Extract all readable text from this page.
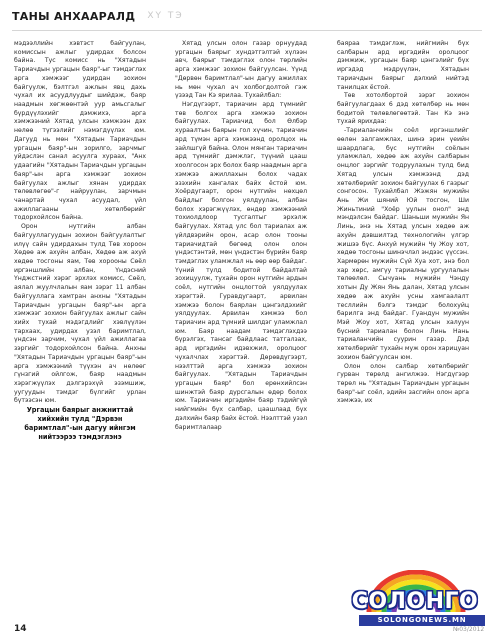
ТАНЫ АНХААРАЛД ХҮ ТЭ

мэдээллийн хэвтэст байгуулан, комиссын ажлыг удирдах болсон байна. Тус комисс нь "Хятадын Тариачдын ургацын баяр"-ыг тэмдэглэх арга хэмжээг удирдан зохион байгуулж, бэлтгэл ажлын явц дахь чухал их асуудлуудыг шийдэж, баяр наадмын хөгжөөнтэй уур амьсгалыг бүрдүүлэхийг дэмжихэ, арга хэмжээний Хятад улсын хэмжээн дэх нөлөө түгээлийг нэмэгдүүлэх юм. Дагууд нь мөн "Хятадын Тариачдын ургацын баяр"-ын зорилго, зарчмыг уйдэслэн санал асуулга хураах, "Анх удаагийн "Хятадын Тариачдын ургацын баяр"-ын арга хэмжээг зохион байгуулах ажлыг хянан удирдах төлөвлөгөө"-г найруулан, зарчмын чанартай чухал асуудал, үйл ажиллагааны хөтөлбөрийг тодорхойлсон байна.

Орон нутгийн албан байгууллагуудын зохион байгуулалтыг илүү сайн удирдахын тулд Төв хороон Хөдөө аж ахуйн албан, Хөдөө аж ахуй хөдөө тосгоны яам, Төв хорооны Сөёл иргэншлийн албан, Үндэсний Үнджстний хэрэг эрхлэх комисс, Сөёл, аялал жуулчлалын яам зэрэг 11 албан байгууллага хамтран анхны "Хятадын Тариачдын ургацын баяр"-ын арга хэмжээг зохион байгуулах ажлыг сайн хийх тухай мэдэгдлийг хэвлүүлэн тархаах, удирдах узэл баримтлал, үндсэн зарчим, чухал үйл ажиллагаа зэргийг тодорхойлсон байна. Анхны "Хятадын Тариачдын ургацын баяр"-ын арга хэмжээний түүхэн ач нөлөөг гүнзгий ойлгож, баяр наадмын хэрэгжүүлэх дэлгэрэхүй эзэмшиж, уугуудын тэмдэг бүлгийг урлан бүтээсэн юм.

Ургацын баярыг анжниттай хийхийн тулд "Дэрвэн баримтлал"-ын дагуу ийнгэм нийтээрээ тэмдэглэнэ

Хятад улсын олон газар орнуудад ургацын баярыг хундэтгэлтэй хүлээн авч, баярыг тэмдэглэх олон төрлийн арга хэмжээг зохион байгуулсан. Үүнд "Дөрвөн баримтлал"-ын дагуу ажиллах нь мөн чухал ач холбогдолтой гэж үзээд Тан Кэ ярилаа. Тухайлбал:

Нэгдүгээрт, тариачин ард түмнийг төв болгох арга хэмжээ зохион байгуулах. Тариачид бол Өлбэр хураалтын баярын гол хүчин, тариачин ард түмэн арга хэмжээнд оролцох нь зайлшгүй байна. Олон мянган тариачин ард түмнийг дэмжлэг, түүний цааш хоолгосон эрх болох баяр наадмын арга хэмжээ ажиллахын болох чадах эзэхийн хангалах байх ёстой юм. Хоёрдугаарт, орон нутгийн нөхцөл байдлыг болгон уялдуулан, албан болох хэрэгжүүлэх, өндөр хэмжээний тохиолдлоор тусгалтыг эрхэлж байгуулах. Хятад улс бол тариалах аж үйлдвэрийн орон, асар олон тооны тариачидтай бөгөөд олон олон үндэстэнтэй, мөн үндэстэн бүрийн баяр тэмдэглэх уламжлал нь өөр өөр байдаг. Үүний тулд бодитой байдалтай зохицуулж, тухайн орон нутгийн ардын соёл, нутгийн онцлогтой уялдуулах хэрэгтэй. Гуравдугаарт, арвилан хэмжээ болон баярлан цэнгэлдэхийг уялдуулах. Арвилан хэмжээ бол тариачин ард түмний шилдэг уламжлал юм. Баяр наадам тэмдэглэхдээ бүрэлгэх, тансаг байдлаас татгалзах, ард иргэдийн идэвхжил, оролцоог чухалчлах хэрэгтэй. Дөрөвдүгээрт, нээлттэй арга хэмжээ зохион байгуулах. "Хятадын Тариачдын ургацын баяр" бол ерөнхийлсэн шинжтэй баяр дурсгалын өдөр болох юм. Тариачин иргэдийн баяр тэдийгүй нийгмийн бүх салбар, цаашлаад бүх дэлхийн баяр байх ёстой. Нээлттэй узэл баримтлалаар

баяраа тэмдэглэж, нийгмийн бүх салбарын ард иргэдийн оролцоог дэмжиж, ургацын баяр цэнгэлийг бүх иргэдэд мэдрүүлэн, Хятадын тариачдын баярыг дэлхий нийтэд танилцах ёстой.

Төв хотолбортой зэрэг зохион байгуулагдаах 6 дэд хөтөлбөр нь мөн бодитой төлөвлөгөөтэй. Тан Кэ энэ тухай ярихдаа:

-Тариаланчийн соёл иргэншлийг өөлөн залгамжлах, шинэ эрин үеийн шаардлага, бүс нутгийн соёлын уламжлал, хөдөө аж ахуйн салбарын онцлог зэргийг тодруулахын тулд бид Хятад улсын хэмжээнд дэд хөтөлбөрийг зохион байгуулах 6 газрыг сонгосон. Тухайлбал Жэжян мужийн Ань Жи шяний Юй тосгон, Ши Жиньтиний "Хоёр уулын онол" энд мэндэлсэн байдаг. Шаньши мужийн Ян Линь, энэ нь Хятад улсын хөдөө аж ахуйн дэвшилтэд технологийн үлгэр жишээ бүс. Анхуй мужийн Чу Жоу хот, хөдөө тосгоны шинэчлэл эндээс үүссэн. Хармөрөн мужийн Сүй Хуа хот, энэ бол хар хөрс, амгүу тариалны ургуулалын төлөөлөл. Сычуань мужийн Чэнду хотын Ду Жян Янь далан, Хятад улсын хөдөө аж ахуйн усны хамгаалалт тесллийн бэлгэ тэмдэг болохуйц барилга энд байдаг. Гуандун мужийн Мэй Жоу хот, Хятад улсын халуун бүсний тариалан болон Линь Нань тариаланчийн суурин газар. Дэд хөтөлбөрийг тухайн муж орон харицуан зохион байгуулсан юм.

Олон олон салбар хөтөлбөрийг гурван төрөлд ангилжээ. Нэгдүгээр төрөл нь "Хятадын Тариачдын ургацын баяр"-ыг соёл, эдийн засгийн олон арга хэмжээ, их

14	№03/2012
СОЛОНГО
SOLONGONEWS.MN
